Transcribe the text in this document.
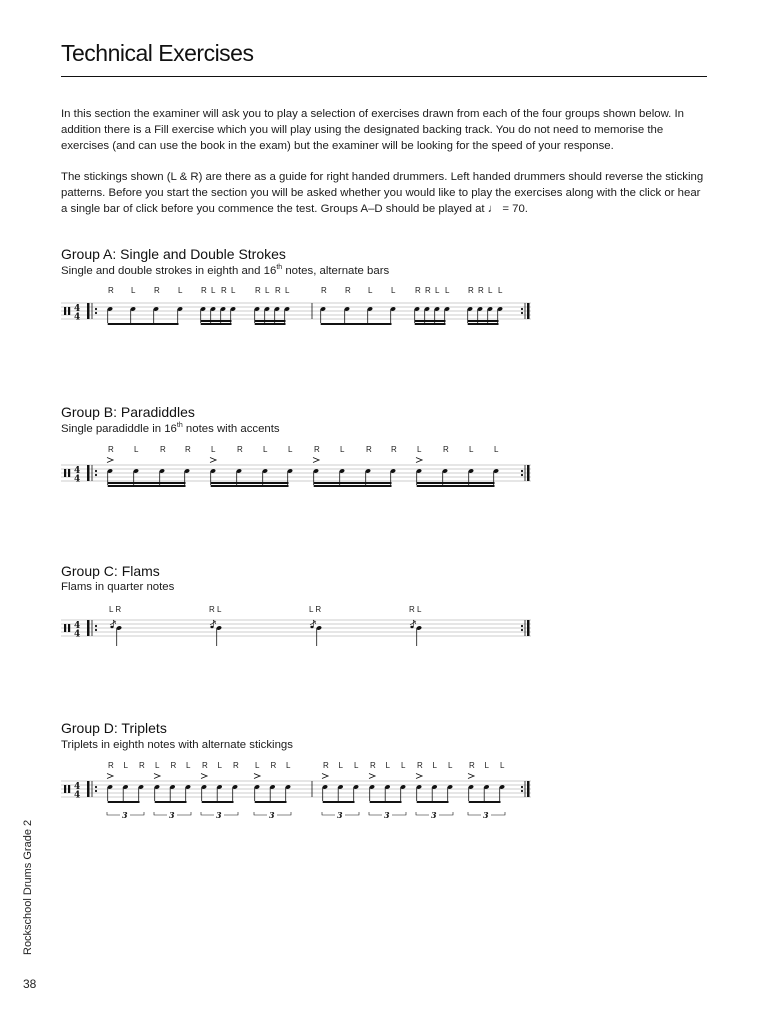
Technical Exercises
In this section the examiner will ask you to play a selection of exercises drawn from each of the four groups shown below. In addition there is a Fill exercise which you will play using the designated backing track. You do not need to memorise the exercises (and can use the book in the exam) but the examiner will be looking for the speed of your response.
The stickings shown (L & R) are there as a guide for right handed drummers. Left handed drummers should reverse the sticking patterns. Before you start the section you will be asked whether you would like to play the exercises along with the click or hear a single bar of click before you commence the test. Groups A–D should be played at ♩ = 70.
Group A: Single and Double Strokes
Single and double strokes in eighth and 16th notes, alternate bars
4
4
R L R L R L R L R L R L	R R L L R R L L R R L L
Group B: Paradiddles
Single paradiddle in 16th notes with accents
4
4
R	L	R R	L	R	L	L	R	L	R R	L	R	L	L
Group C: Flams
Flams in quarter notes
4
4
L R	R L	L R	R L
Group D: Triplets
Triplets in eighth notes with alternate stickings
4
4
3	3	3	3	3	3	3	3
R L R L R L R L R L R L	R L L R L L R L L R L L
Rockschool Drums Grade 2
38
